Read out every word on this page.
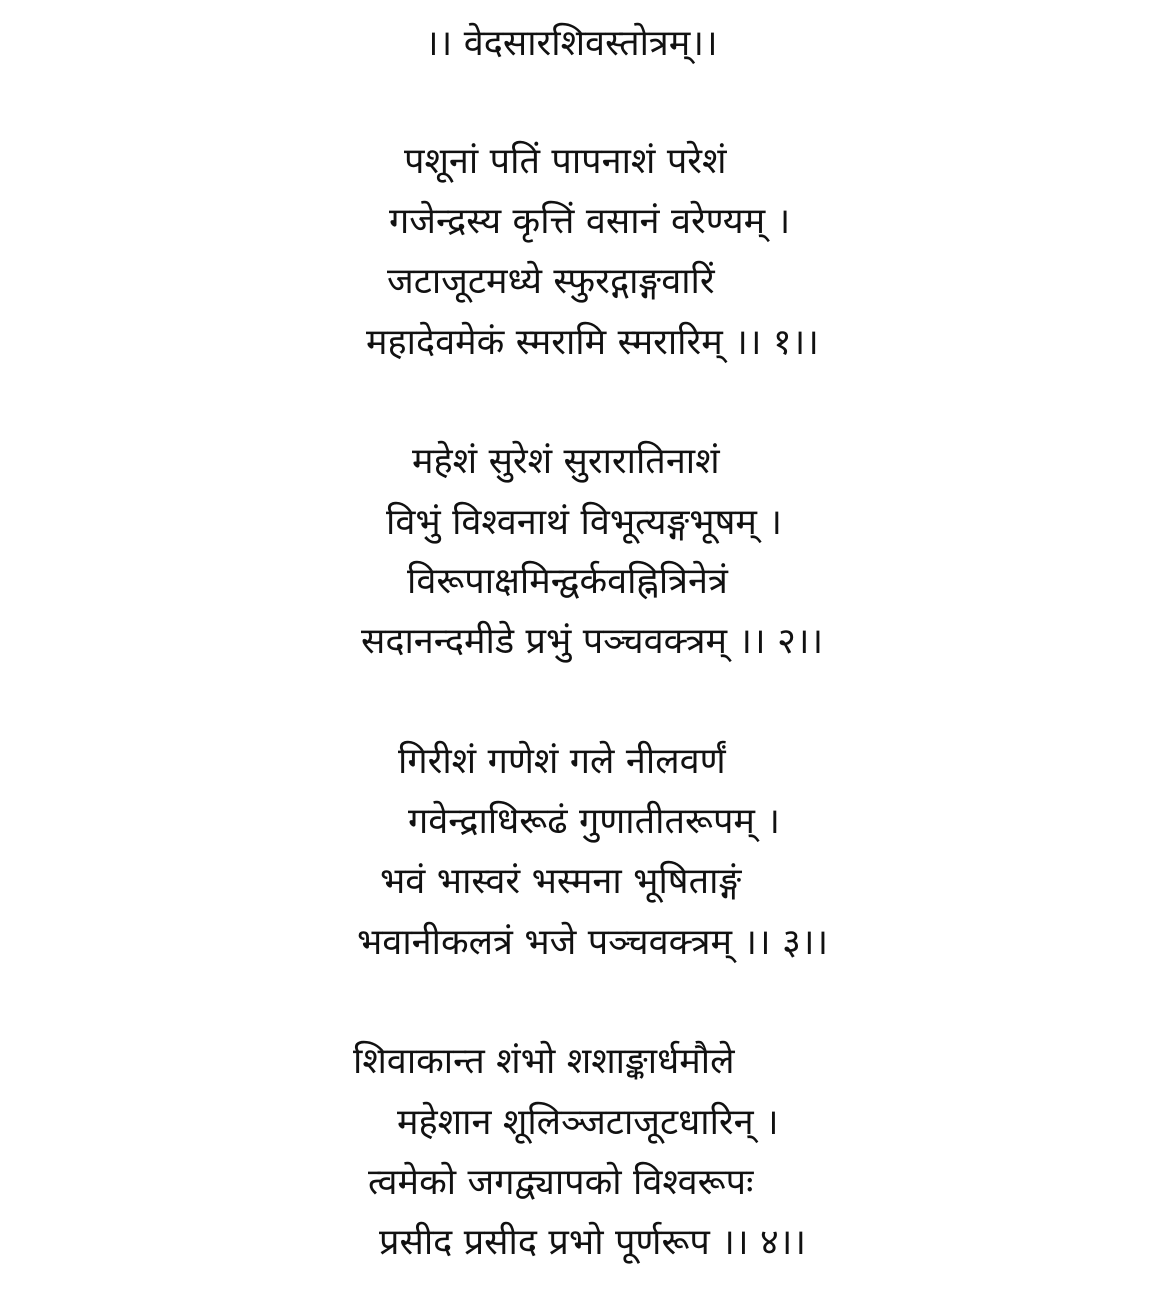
।। वेदसारशिवस्तोत्रम्।।
पशूनां पतिं पापनाशं परेशं
गजेन्द्रस्य कृत्तिं वसानं वरेण्यम् ।
जटाजूटमध्ये स्फुरद्गाङ्गवारिं
महादेवमेकं स्मरामि स्मरारिम् ।। १।।
महेशं सुरेशं सुरारातिनाशं
विभुं विश्वनाथं विभूत्यङ्गभूषम् ।
विरूपाक्षमिन्द्वर्कवह्नित्रिनेत्रं
सदानन्दमीडे प्रभुं पञ्चवक्त्रम् ।। २।।
गिरीशं गणेशं गले नीलवर्णं
गवेन्द्राधिरूढं गुणातीतरूपम् ।
भवं भास्वरं भस्मना भूषिताङ्गं
भवानीकलत्रं भजे पञ्चवक्त्रम् ।। ३।।
शिवाकान्त शंभो शशाङ्कार्धमौले
महेशान शूलिञ्जटाजूटधारिन् ।
त्वमेको जगद्व्यापको विश्वरूपः
प्रसीद प्रसीद प्रभो पूर्णरूप ।। ४।।
